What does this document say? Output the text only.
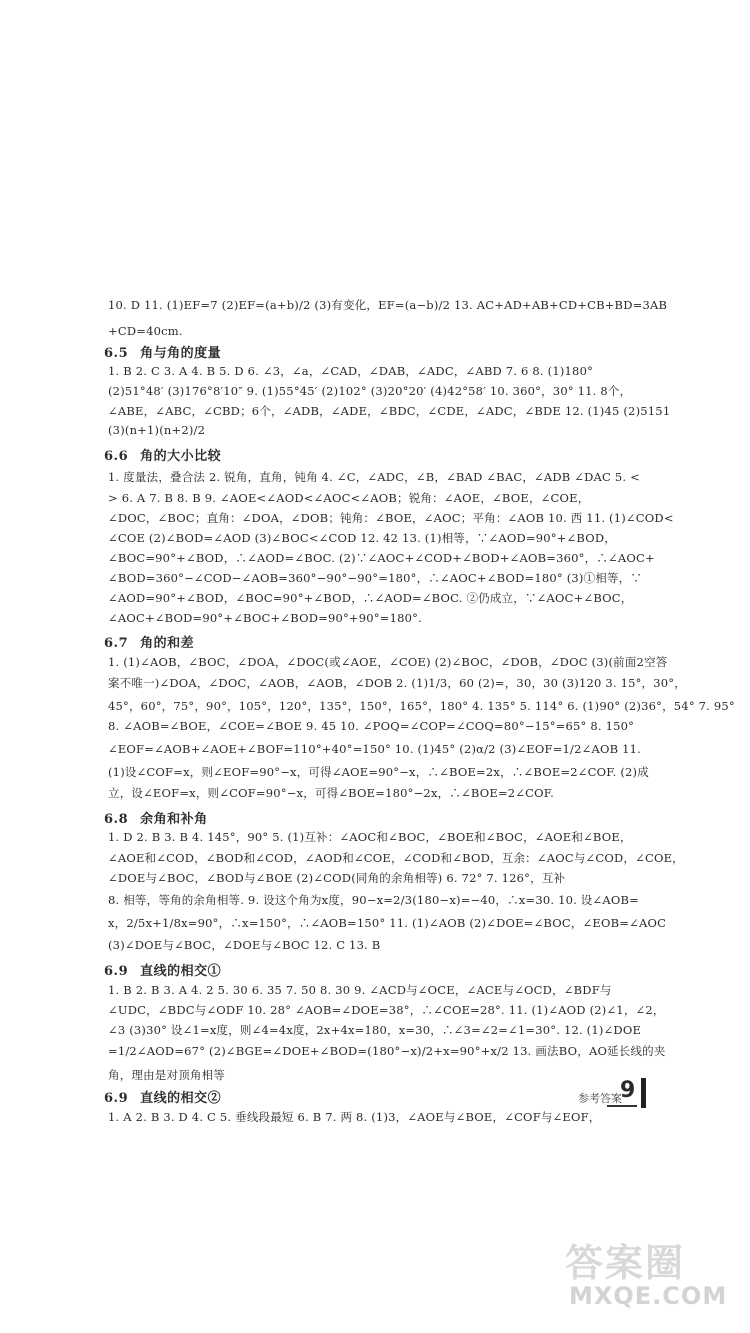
10. D 11. (1)EF=7 (2)EF=(a+b)/2 (3)有变化，EF=(a−b)/2 13. AC+AD+AB+CD+CB+BD=3AB
+CD=40cm.
6.5 角与角的度量
1. B 2. C 3. A 4. B 5. D 6. ∠3，∠a，∠CAD，∠DAB，∠ADC，∠ABD 7. 6 8. (1)180°
(2)51°48′ (3)176°8′10″ 9. (1)55°45′ (2)102° (3)20°20′ (4)42°58′ 10. 360°，30° 11. 8个，
∠ABE，∠ABC，∠CBD；6个，∠ADB，∠ADE，∠BDC，∠CDE，∠ADC，∠BDE 12. (1)45 (2)5151
(3)(n+1)(n+2)/2
6.6 角的大小比较
1. 度量法，叠合法 2. 锐角，直角，钝角 4. ∠C，∠ADC，∠B，∠BAD ∠BAC，∠ADB ∠DAC 5. <
> 6. A 7. B 8. B 9. ∠AOE<∠AOD<∠AOC<∠AOB；锐角：∠AOE，∠BOE，∠COE，
∠DOC，∠BOC；直角：∠DOA，∠DOB；钝角：∠BOE，∠AOC；平角：∠AOB 10. 西 11. (1)∠COD<
∠COE (2)∠BOD=∠AOD (3)∠BOC<∠COD 12. 42 13. (1)相等，∵∠AOD=90°+∠BOD，
∠BOC=90°+∠BOD，∴∠AOD=∠BOC. (2)∵∠AOC+∠COD+∠BOD+∠AOB=360°，∴∠AOC+
∠BOD=360°−∠COD−∠AOB=360°−90°−90°=180°，∴∠AOC+∠BOD=180° (3)①相等，∵
∠AOD=90°+∠BOD，∠BOC=90°+∠BOD，∴∠AOD=∠BOC. ②仍成立，∵∠AOC+∠BOC，
∠AOC+∠BOD=90°+∠BOC+∠BOD=90°+90°=180°.
6.7 角的和差
1. (1)∠AOB，∠BOC，∠DOA，∠DOC(或∠AOE，∠COE) (2)∠BOC，∠DOB，∠DOC (3)(前面2空答
案不唯一)∠DOA，∠DOC，∠AOB，∠AOB，∠DOB 2. (1)1/3，60 (2)=，30，30 (3)120 3. 15°，30°，
45°，60°，75°，90°，105°，120°，135°，150°，165°，180° 4. 135° 5. 114° 6. (1)90° (2)36°，54° 7. 95°
8. ∠AOB=∠BOE，∠COE=∠BOE 9. 45 10. ∠POQ=∠COP=∠COQ=80°−15°=65° 8. 150°
∠EOF=∠AOB+∠AOE+∠BOF=110°+40°=150° 10. (1)45° (2)α/2 (3)∠EOF=1/2∠AOB 11.
(1)设∠COF=x，则∠EOF=90°−x，可得∠AOE=90°−x，∴∠BOE=2x，∴∠BOE=2∠COF. (2)成
立，设∠EOF=x，则∠COF=90°−x，可得∠BOE=180°−2x，∴∠BOE=2∠COF.
6.8 余角和补角
1. D 2. B 3. B 4. 145°，90° 5. (1)互补：∠AOC和∠BOC，∠BOE和∠BOC，∠AOE和∠BOE，
∠AOE和∠COD，∠BOD和∠COD，∠AOD和∠COE，∠COD和∠BOD，互余：∠AOC与∠COD，∠COE，
∠DOE与∠BOC，∠BOD与∠BOE (2)∠COD(同角的余角相等) 6. 72° 7. 126°，互补
8. 相等，等角的余角相等. 9. 设这个角为x度，90−x=2/3(180−x)=−40，∴x=30. 10. 设∠AOB=
x，2/5x+1/8x=90°，∴x=150°，∴∠AOB=150° 11. (1)∠AOB (2)∠DOE=∠BOC，∠EOB=∠AOC
(3)∠DOE与∠BOC，∠DOE与∠BOC 12. C 13. B
6.9 直线的相交①
1. B 2. B 3. A 4. 2 5. 30 6. 35 7. 50 8. 30 9. ∠ACD与∠OCE，∠ACE与∠OCD，∠BDF与
∠UDC，∠BDC与∠ODF 10. 28° ∠AOB=∠DOE=38°，∴∠COE=28°. 11. (1)∠AOD (2)∠1，∠2，
∠3 (3)30° 设∠1=x度，则∠4=4x度，2x+4x=180，x=30，∴∠3=∠2=∠1=30°. 12. (1)∠DOE
=1/2∠AOD=67° (2)∠BGE=∠DOE+∠BOD=(180°−x)/2+x=90°+x/2 13. 画法BO，AO延长线的夹
角，理由是对顶角相等
6.9 直线的相交②
1. A 2. B 3. D 4. C 5. 垂线段最短 6. B 7. 两 8. (1)3，∠AOE与∠BOE，∠COF与∠EOF，
参考答案
9
答案圈
MXQE.COM
